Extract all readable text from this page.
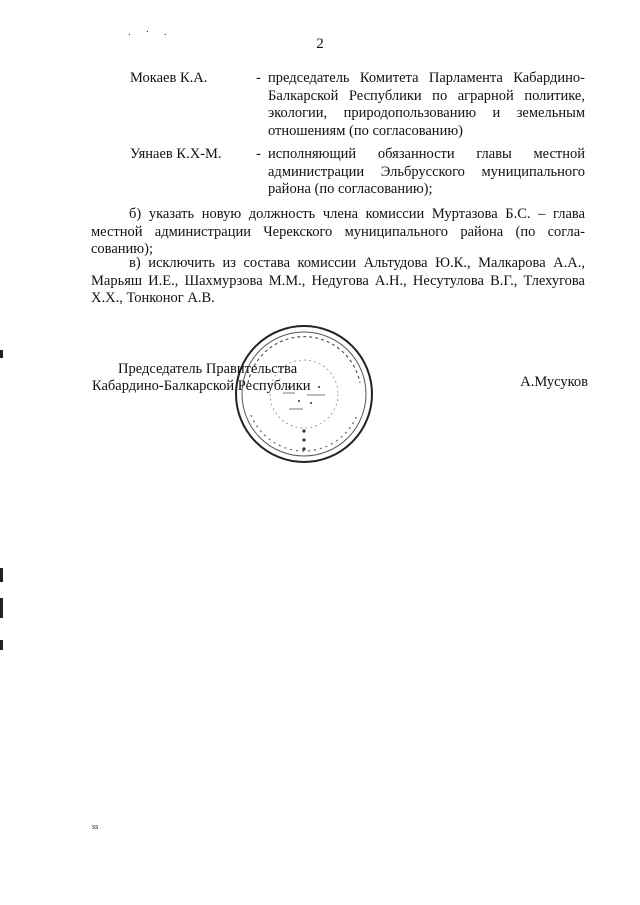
. · .
2
Мокаев К.А.	- председатель Комитета Парламента Кабардино-Балкарской Республики по аграрной политике, экологии, природопользованию и земельным отношениям (по согласованию)
Уянаев К.Х-М. - исполняющий обязанности главы местной администрации Эльбрусского муниципального района (по согласованию);
б) указать новую должность члена комиссии Муртазова Б.С. – глава местной администрации Черекского муниципального района (по согла-сованию);
в) исключить из состава комиссии Альтудова Ю.К., Малкарова А.А., Марьяш И.Е., Шахмурзова М.М., Недугова А.Н., Несутулова В.Г., Тлехугова Х.Х., Тонконог А.В.
Председатель Правительства
Кабардино-Балкарской Республики	А.Мусуков
ss
